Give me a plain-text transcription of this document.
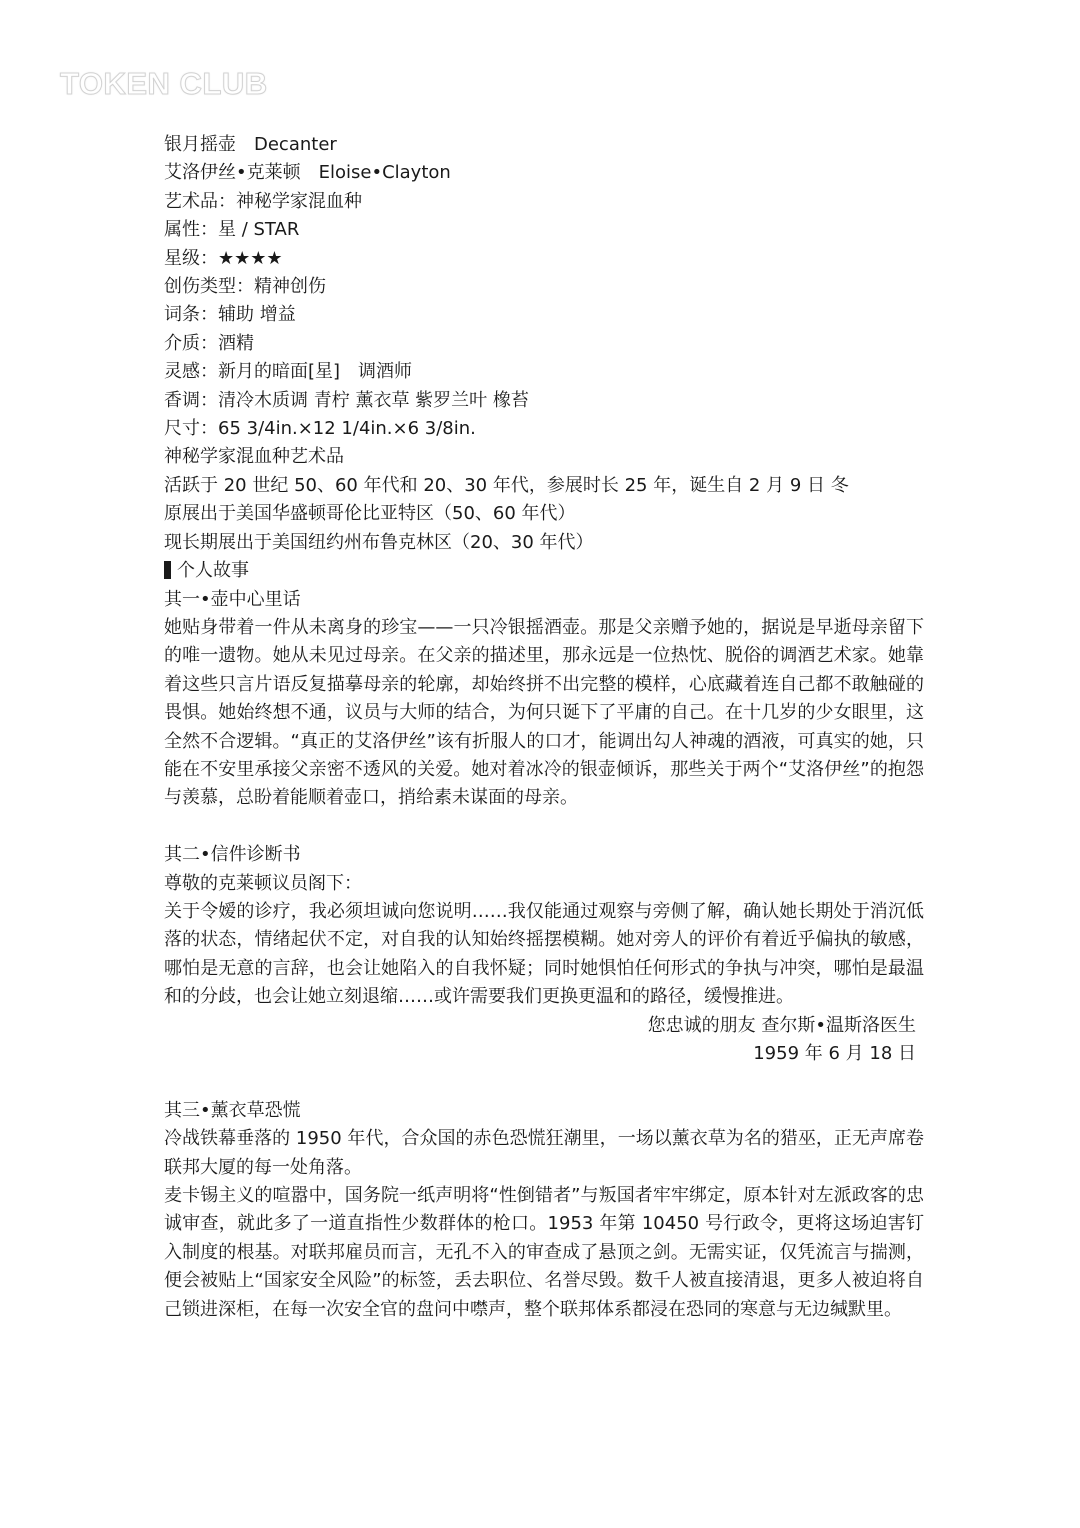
TOKEN CLUB
银月摇壶　Decanter
艾洛伊丝•克莱顿　Eloise•Clayton
艺术品：神秘学家混血种
属性：星 / STAR
星级：★★★★
创伤类型：精神创伤
词条：辅助 增益
介质：酒精
灵感：新月的暗面[星]　调酒师
香调：清冷木质调 青柠 薰衣草 紫罗兰叶 橡苔
尺寸：65 3/4in.×12 1/4in.×6 3/8in.
神秘学家混血种艺术品
活跃于 20 世纪 50、60 年代和 20、30 年代，参展时长 25 年，诞生自 2 月 9 日 冬
原展出于美国华盛顿哥伦比亚特区（50、60 年代）
现长期展出于美国纽约州布鲁克林区（20、30 年代）
个人故事
其一•壶中心里话
她贴身带着一件从未离身的珍宝——一只冷银摇酒壶。那是父亲赠予她的，据说是早逝母亲留下的唯一遗物。她从未见过母亲。在父亲的描述里，那永远是一位热忱、脱俗的调酒艺术家。她靠着这些只言片语反复描摹母亲的轮廓，却始终拼不出完整的模样，心底藏着连自己都不敢触碰的畏惧。她始终想不通，议员与大师的结合，为何只诞下了平庸的自己。在十几岁的少女眼里，这全然不合逻辑。“真正的艾洛伊丝”该有折服人的口才，能调出勾人神魂的酒液，可真实的她，只能在不安里承接父亲密不透风的关爱。她对着冰冷的银壶倾诉，那些关于两个“艾洛伊丝”的抱怨与羡慕，总盼着能顺着壶口，捎给素未谋面的母亲。
其二•信件诊断书
尊敬的克莱顿议员阁下：
关于令嫒的诊疗，我必须坦诚向您说明……我仅能通过观察与旁侧了解，确认她长期处于消沉低落的状态，情绪起伏不定，对自我的认知始终摇摆模糊。她对旁人的评价有着近乎偏执的敏感，哪怕是无意的言辞，也会让她陷入的自我怀疑；同时她惧怕任何形式的争执与冲突，哪怕是最温和的分歧，也会让她立刻退缩……或许需要我们更换更温和的路径，缓慢推进。
您忠诚的朋友 查尔斯•温斯洛医生
1959 年 6 月 18 日
其三•薰衣草恐慌
冷战铁幕垂落的 1950 年代，合众国的赤色恐慌狂潮里，一场以薰衣草为名的猎巫，正无声席卷联邦大厦的每一处角落。
麦卡锡主义的喧嚣中，国务院一纸声明将“性倒错者”与叛国者牢牢绑定，原本针对左派政客的忠诚审查，就此多了一道直指性少数群体的枪口。1953 年第 10450 号行政令，更将这场迫害钉入制度的根基。对联邦雇员而言，无孔不入的审查成了悬顶之剑。无需实证，仅凭流言与揣测，便会被贴上“国家安全风险”的标签，丢去职位、名誉尽毁。数千人被直接清退，更多人被迫将自己锁进深柜，在每一次安全官的盘问中噤声，整个联邦体系都浸在恐同的寒意与无边缄默里。
